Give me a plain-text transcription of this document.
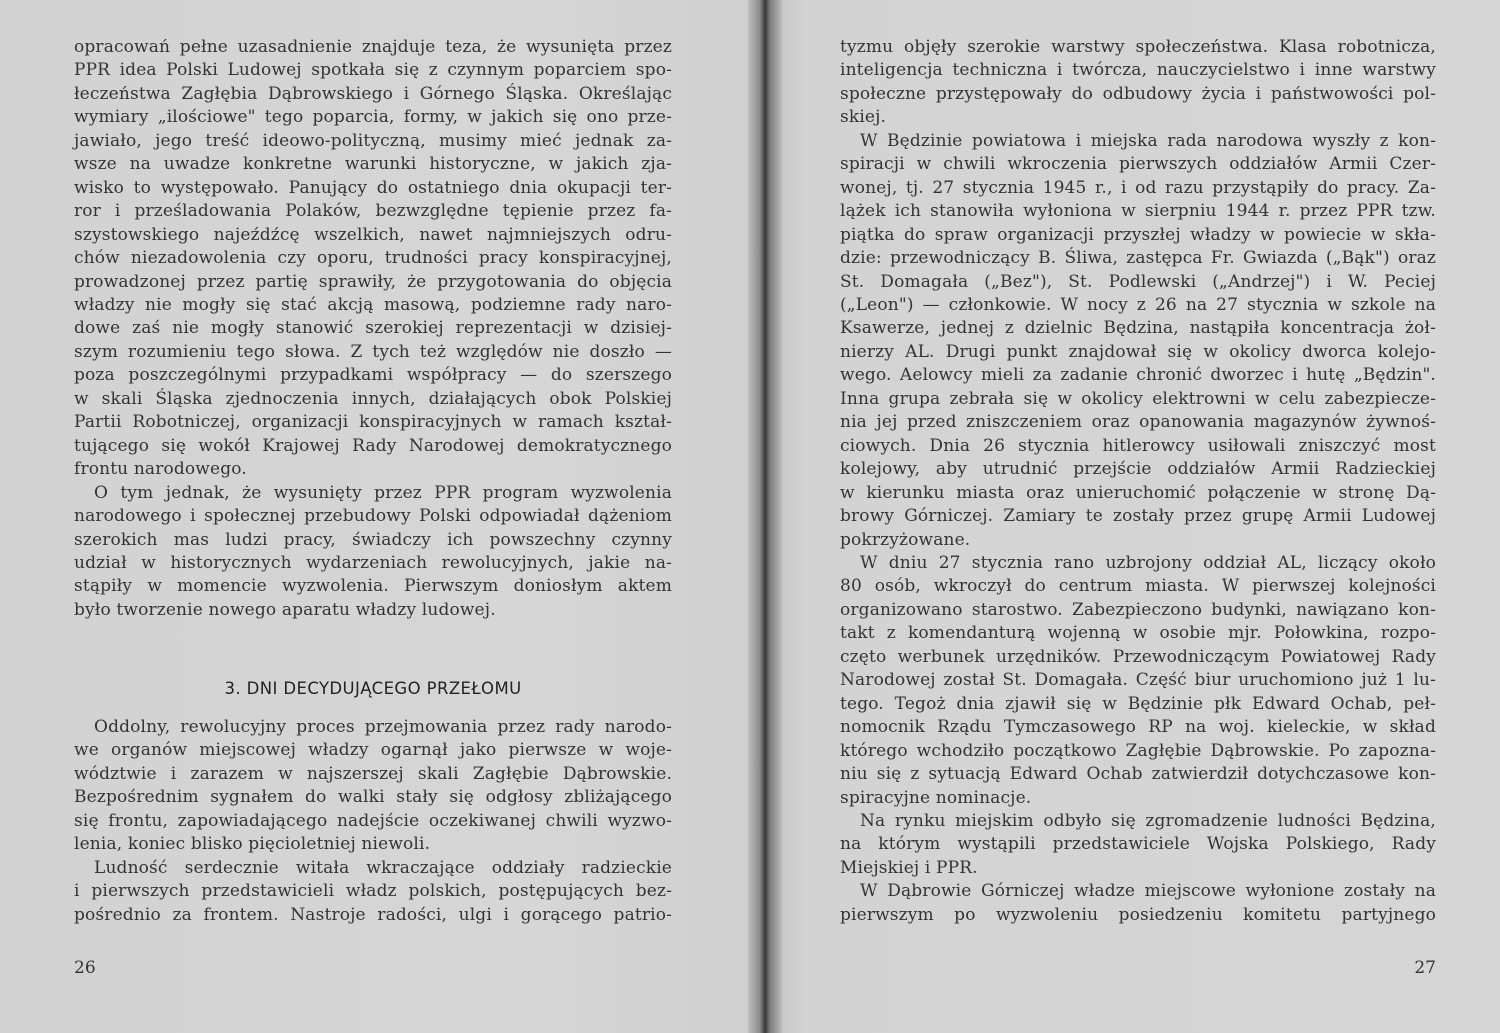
opracowań pełne uzasadnienie znajduje teza, że wysunięta przez
PPR idea Polski Ludowej spotkała się z czynnym poparciem spo-
łeczeństwa Zagłębia Dąbrowskiego i Górnego Śląska. Określając
wymiary „ilościowe" tego poparcia, formy, w jakich się ono prze-
jawiało, jego treść ideowo-polityczną, musimy mieć jednak za-
wsze na uwadze konkretne warunki historyczne, w jakich zja-
wisko to występowało. Panujący do ostatniego dnia okupacji ter-
ror i prześladowania Polaków, bezwzględne tępienie przez fa-
szystowskiego najeźdźcę wszelkich, nawet najmniejszych odru-
chów niezadowolenia czy oporu, trudności pracy konspiracyjnej,
prowadzonej przez partię sprawiły, że przygotowania do objęcia
władzy nie mogły się stać akcją masową, podziemne rady naro-
dowe zaś nie mogły stanowić szerokiej reprezentacji w dzisiej-
szym rozumieniu tego słowa. Z tych też względów nie doszło —
poza poszczególnymi przypadkami współpracy — do szerszego
w skali Śląska zjednoczenia innych, działających obok Polskiej
Partii Robotniczej, organizacji konspiracyjnych w ramach kształ-
tującego się wokół Krajowej Rady Narodowej demokratycznego
frontu narodowego.
O tym jednak, że wysunięty przez PPR program wyzwolenia
narodowego i społecznej przebudowy Polski odpowiadał dążeniom
szerokich mas ludzi pracy, świadczy ich powszechny czynny
udział w historycznych wydarzeniach rewolucyjnych, jakie na-
stąpiły w momencie wyzwolenia. Pierwszym doniosłym aktem
było tworzenie nowego aparatu władzy ludowej.

3. DNI DECYDUJĄCEGO PRZEŁOMU

Oddolny, rewolucyjny proces przejmowania przez rady narodo-
we organów miejscowej władzy ogarnął jako pierwsze w woje-
wództwie i zarazem w najszerszej skali Zagłębie Dąbrowskie.
Bezpośrednim sygnałem do walki stały się odgłosy zbliżającego
się frontu, zapowiadającego nadejście oczekiwanej chwili wyzwo-
lenia, koniec blisko pięcioletniej niewoli.
Ludność serdecznie witała wkraczające oddziały radzieckie
i pierwszych przedstawicieli władz polskich, postępujących bez-
pośrednio za frontem. Nastroje radości, ulgi i gorącego patrio-

26

tyzmu objęły szerokie warstwy społeczeństwa. Klasa robotnicza,
inteligencja techniczna i twórcza, nauczycielstwo i inne warstwy
społeczne przystępowały do odbudowy życia i państwowości pol-
skiej.
W Będzinie powiatowa i miejska rada narodowa wyszły z kon-
spiracji w chwili wkroczenia pierwszych oddziałów Armii Czer-
wonej, tj. 27 stycznia 1945 r., i od razu przystąpiły do pracy. Za-
lążek ich stanowiła wyłoniona w sierpniu 1944 r. przez PPR tzw.
piątka do spraw organizacji przyszłej władzy w powiecie w skła-
dzie: przewodniczący B. Śliwa, zastępca Fr. Gwiazda („Bąk") oraz
St. Domagała („Bez"), St. Podlewski („Andrzej") i W. Peciej
(„Leon") — członkowie. W nocy z 26 na 27 stycznia w szkole na
Ksawerze, jednej z dzielnic Będzina, nastąpiła koncentracja żoł-
nierzy AL. Drugi punkt znajdował się w okolicy dworca kolejo-
wego. Aelowcy mieli za zadanie chronić dworzec i hutę „Będzin".
Inna grupa zebrała się w okolicy elektrowni w celu zabezpiecze-
nia jej przed zniszczeniem oraz opanowania magazynów żywnoś-
ciowych. Dnia 26 stycznia hitlerowcy usiłowali zniszczyć most
kolejowy, aby utrudnić przejście oddziałów Armii Radzieckiej
w kierunku miasta oraz unieruchomić połączenie w stronę Dą-
browy Górniczej. Zamiary te zostały przez grupę Armii Ludowej
pokrzyżowane.
W dniu 27 stycznia rano uzbrojony oddział AL, liczący około
80 osób, wkroczył do centrum miasta. W pierwszej kolejności
organizowano starostwo. Zabezpieczono budynki, nawiązano kon-
takt z komendanturą wojenną w osobie mjr. Połowkina, rozpo-
częto werbunek urzędników. Przewodniczącym Powiatowej Rady
Narodowej został St. Domagała. Część biur uruchomiono już 1 lu-
tego. Tegoż dnia zjawił się w Będzinie płk Edward Ochab, peł-
nomocnik Rządu Tymczasowego RP na woj. kieleckie, w skład
którego wchodziło początkowo Zagłębie Dąbrowskie. Po zapozna-
niu się z sytuacją Edward Ochab zatwierdził dotychczasowe kon-
spiracyjne nominacje.
Na rynku miejskim odbyło się zgromadzenie ludności Będzina,
na którym wystąpili przedstawiciele Wojska Polskiego, Rady
Miejskiej i PPR.
W Dąbrowie Górniczej władze miejscowe wyłonione zostały na
pierwszym po wyzwoleniu posiedzeniu komitetu partyjnego

27
